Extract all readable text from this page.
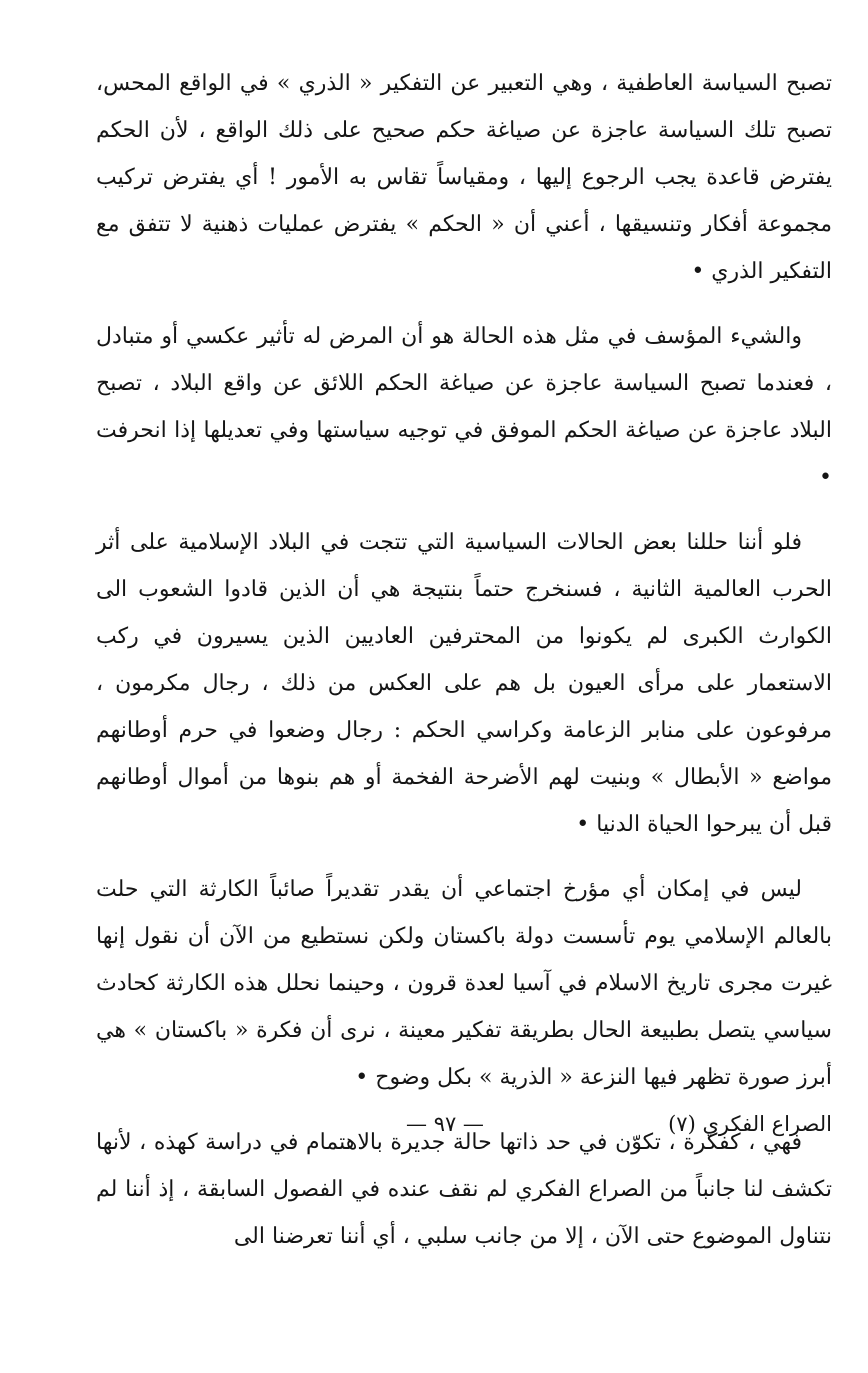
تصبح السياسة العاطفية ، وهي التعبير عن التفكير « الذري » في الواقع المحس، تصبح تلك السياسة عاجزة عن صياغة حكم صحيح على ذلك الواقع ، لأن الحكم يفترض قاعدة يجب الرجوع إليها ، ومقياساً تقاس به الأمور ! أي يفترض تركيب مجموعة أفكار وتنسيقها ، أعني أن « الحكم » يفترض عمليات ذهنية لا تتفق مع التفكير الذري •

والشيء المؤسف في مثل هذه الحالة هو أن المرض له تأثير عكسي أو متبادل ، فعندما تصبح السياسة عاجزة عن صياغة الحكم اللائق عن واقع البلاد ، تصبح البلاد عاجزة عن صياغة الحكم الموفق في توجيه سياستها وفي تعديلها إذا انحرفت •

فلو أننا حللنا بعض الحالات السياسية التي تتجت في البلاد الإسلامية على أثر الحرب العالمية الثانية ، فسنخرج حتماً بنتيجة هي أن الذين قادوا الشعوب الى الكوارث الكبرى لم يكونوا من المحترفين العاديين الذين يسيرون في ركب الاستعمار على مرأى العيون بل هم على العكس من ذلك ، رجال مكرمون ، مرفوعون على منابر الزعامة وكراسي الحكم : رجال وضعوا في حرم أوطانهم مواضع « الأبطال » وبنيت لهم الأضرحة الفخمة أو هم بنوها من أموال أوطانهم قبل أن يبرحوا الحياة الدنيا •

ليس في إمكان أي مؤرخ اجتماعي أن يقدر تقديراً صائباً الكارثة التي حلت بالعالم الإسلامي يوم تأسست دولة باكستان ولكن نستطيع من الآن أن نقول إنها غيرت مجرى تاريخ الاسلام في آسيا لعدة قرون ، وحينما نحلل هذه الكارثة كحادث سياسي يتصل بطبيعة الحال بطريقة تفكير معينة ، نرى أن فكرة « باكستان » هي أبرز صورة تظهر فيها النزعة « الذرية » بكل وضوح •

فهي ، كفكرة ، تكوّن في حد ذاتها حالة جديرة بالاهتمام في دراسة كهذه ، لأنها تكشف لنا جانباً من الصراع الفكري لم نقف عنده في الفصول السابقة ، إذ أننا لم نتناول الموضوع حتى الآن ، إلا من جانب سلبي ، أي أننا تعرضنا الى

الصراع الفكري (٧)
— ٩٧ —
